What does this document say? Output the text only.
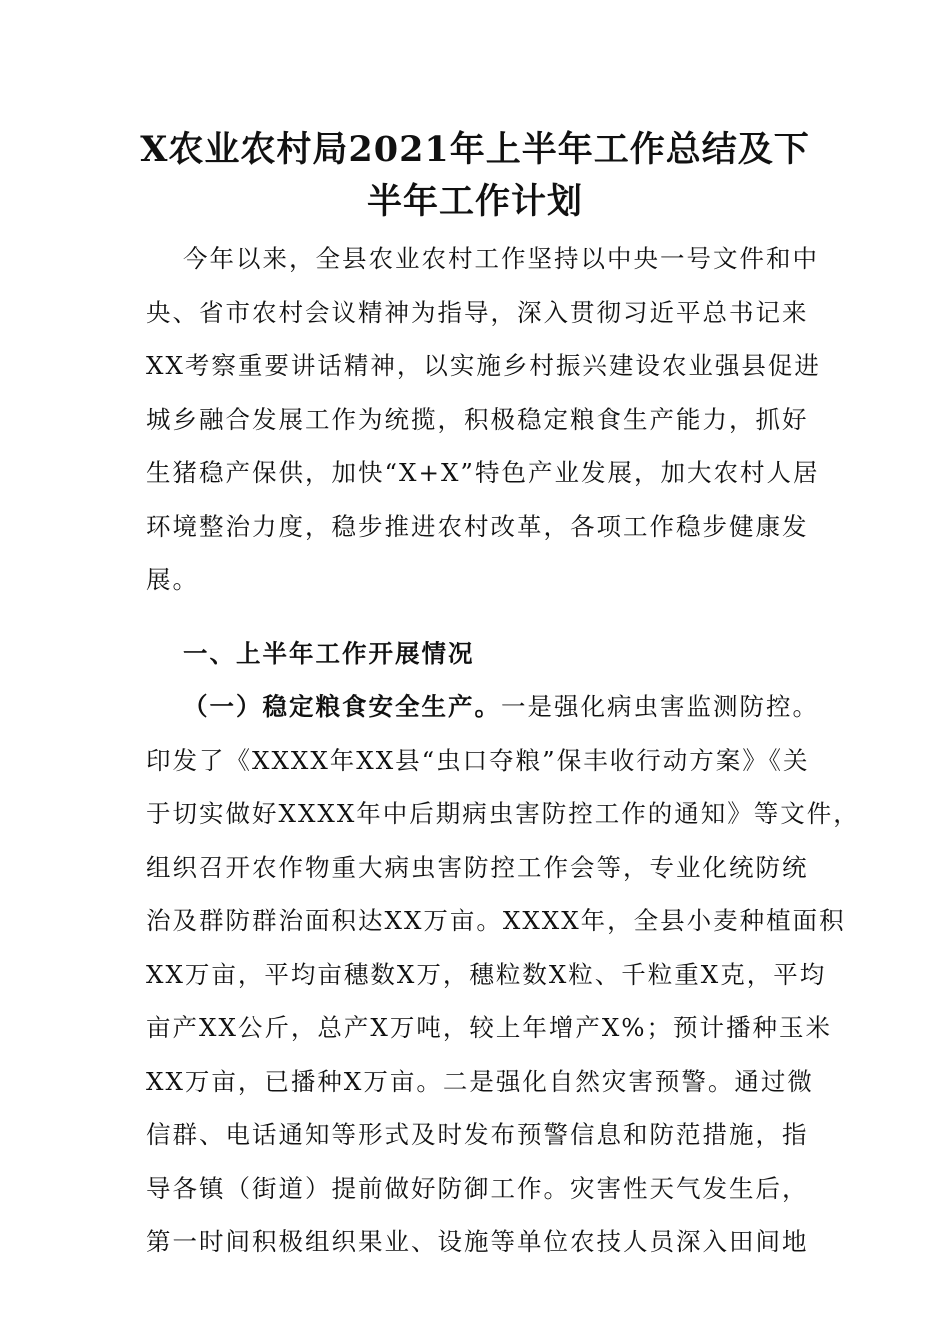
X农业农村局2021年上半年工作总结及下
半年工作计划
今年以来，全县农业农村工作坚持以中央一号文件和中
央、省市农村会议精神为指导，深入贯彻习近平总书记来
XX考察重要讲话精神，以实施乡村振兴建设农业强县促进
城乡融合发展工作为统揽，积极稳定粮食生产能力，抓好
生猪稳产保供，加快“X+X”特色产业发展，加大农村人居
环境整治力度，稳步推进农村改革，各项工作稳步健康发
展。
一、上半年工作开展情况
（一）稳定粮食安全生产。一是强化病虫害监测防控。
印发了《XXXX年XX县“虫口夺粮”保丰收行动方案》《关
于切实做好XXXX年中后期病虫害防控工作的通知》等文件，
组织召开农作物重大病虫害防控工作会等，专业化统防统
治及群防群治面积达XX万亩。XXXX年，全县小麦种植面积
XX万亩，平均亩穗数X万，穗粒数X粒、千粒重X克，平均
亩产XX公斤，总产X万吨，较上年增产X%；预计播种玉米
XX万亩，已播种X万亩。二是强化自然灾害预警。通过微
信群、电话通知等形式及时发布预警信息和防范措施，指
导各镇（街道）提前做好防御工作。灾害性天气发生后，
第一时间积极组织果业、设施等单位农技人员深入田间地
